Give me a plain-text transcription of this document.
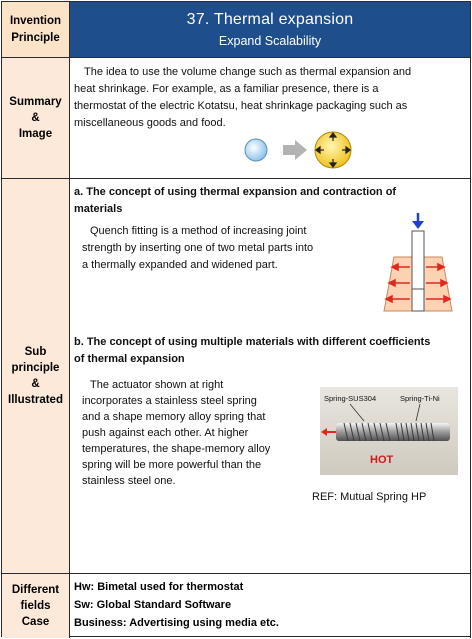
Invention
Principle
37. Thermal expansion
Expand Scalability
Summary
&
Image
The idea to use the volume change such as thermal expansion and
heat shrinkage. For example, as a familiar presence, there is a
thermostat of the electric Kotatsu, heat shrinkage packaging such as
miscellaneous goods and food.
Sub
principle
&
Illustrated
a. The concept of using thermal expansion and contraction of
materials
Quench fitting is a method of increasing joint
strength by inserting one of two metal parts into
a thermally expanded and widened part.
b. The concept of using multiple materials with different coefficients
of thermal expansion
The actuator shown at right
incorporates a stainless steel spring
and a shape memory alloy spring that
push against each other. At higher
temperatures, the shape-memory alloy
spring will be more powerful than the
stainless steel one.
Spring-SUS304	Spring-Ti-Ni
HOT
REF: Mutual Spring HP
Different
fields
Case
Hw: Bimetal used for thermostat
Sw: Global Standard Software
Business: Advertising using media etc.
